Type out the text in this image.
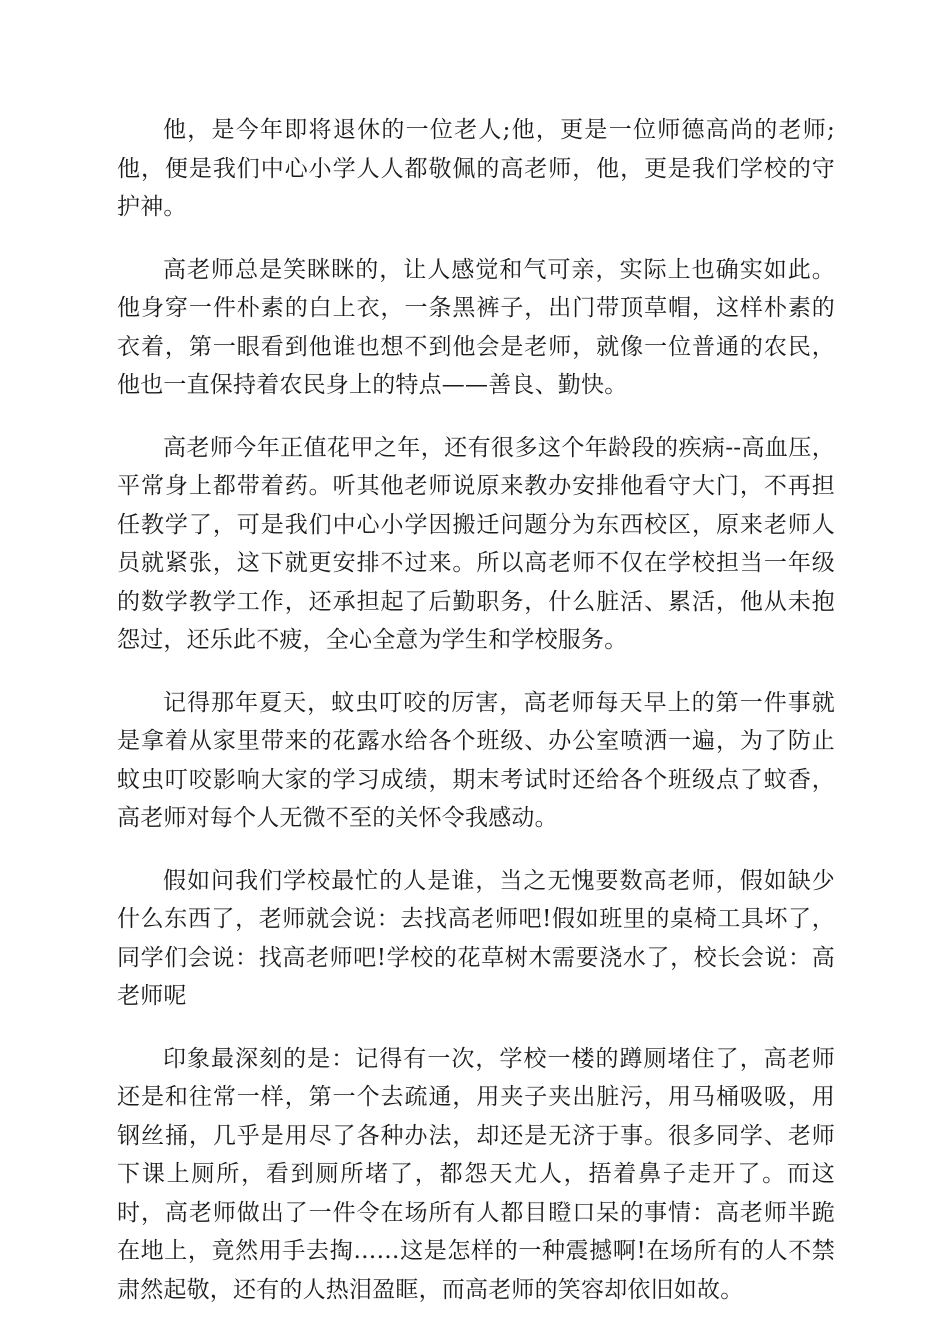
他，是今年即将退休的一位老人;他，更是一位师德高尚的老师;他，便是我们中心小学人人都敬佩的高老师，他，更是我们学校的守护神。

高老师总是笑眯眯的，让人感觉和气可亲，实际上也确实如此。他身穿一件朴素的白上衣，一条黑裤子，出门带顶草帽，这样朴素的衣着，第一眼看到他谁也想不到他会是老师，就像一位普通的农民，他也一直保持着农民身上的特点——善良、勤快。

高老师今年正值花甲之年，还有很多这个年龄段的疾病--高血压，平常身上都带着药。听其他老师说原来教办安排他看守大门，不再担任教学了，可是我们中心小学因搬迁问题分为东西校区，原来老师人员就紧张，这下就更安排不过来。所以高老师不仅在学校担当一年级的数学教学工作，还承担起了后勤职务，什么脏活、累活，他从未抱怨过，还乐此不疲，全心全意为学生和学校服务。

记得那年夏天，蚊虫叮咬的厉害，高老师每天早上的第一件事就是拿着从家里带来的花露水给各个班级、办公室喷洒一遍，为了防止蚊虫叮咬影响大家的学习成绩，期末考试时还给各个班级点了蚊香，高老师对每个人无微不至的关怀令我感动。

假如问我们学校最忙的人是谁，当之无愧要数高老师，假如缺少什么东西了，老师就会说：去找高老师吧!假如班里的桌椅工具坏了，同学们会说：找高老师吧!学校的花草树木需要浇水了，校长会说：高老师呢

印象最深刻的是：记得有一次，学校一楼的蹲厕堵住了，高老师还是和往常一样，第一个去疏通，用夹子夹出脏污，用马桶吸吸，用钢丝捅，几乎是用尽了各种办法，却还是无济于事。很多同学、老师下课上厕所，看到厕所堵了，都怨天尤人，捂着鼻子走开了。而这时，高老师做出了一件令在场所有人都目瞪口呆的事情：高老师半跪在地上，竟然用手去掏……这是怎样的一种震撼啊!在场所有的人不禁肃然起敬，还有的人热泪盈眶，而高老师的笑容却依旧如故。
